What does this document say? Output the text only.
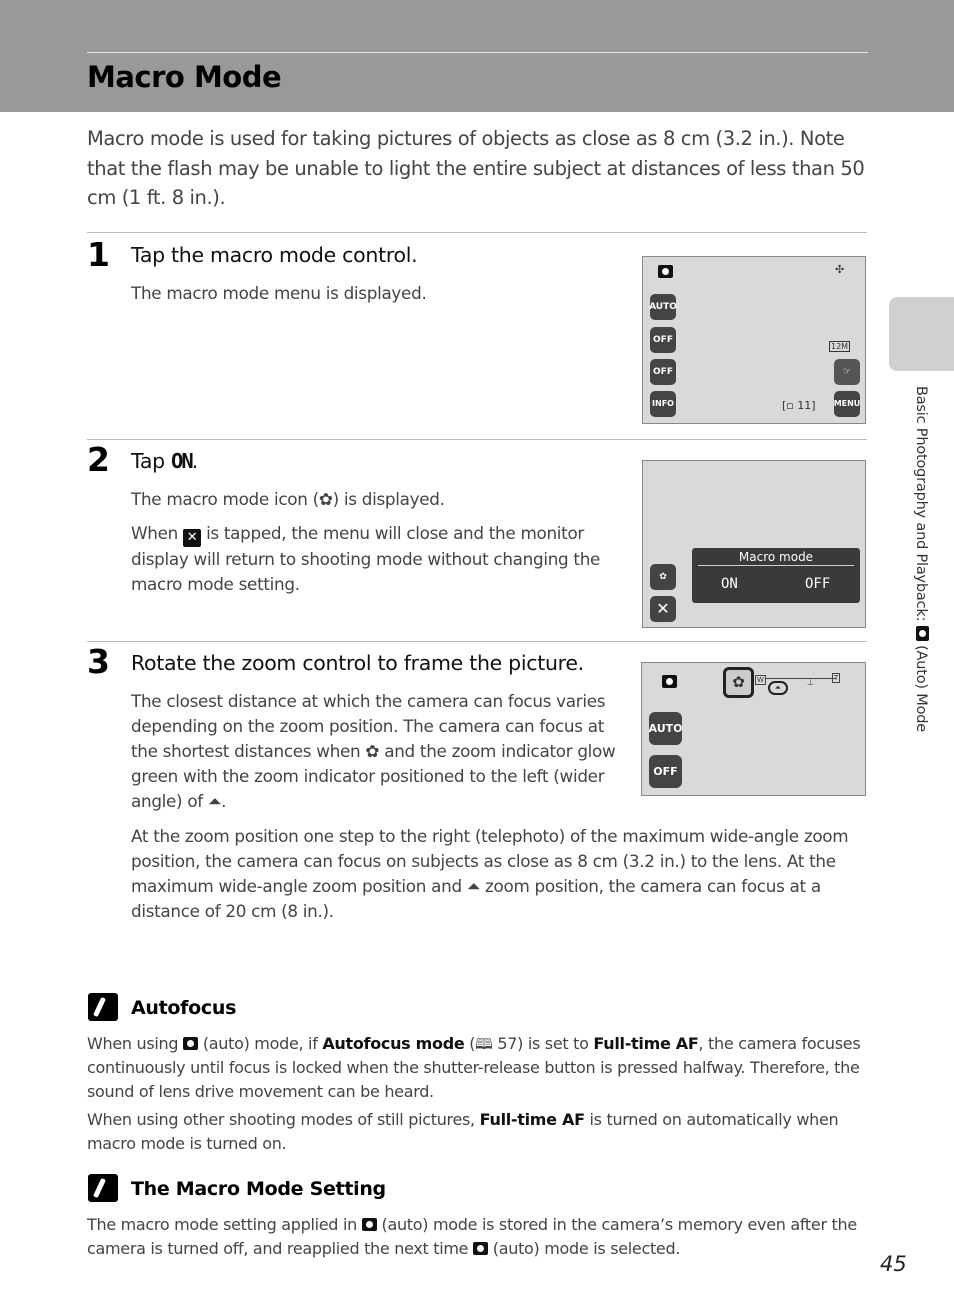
Macro Mode
Macro mode is used for taking pictures of objects as close as 8 cm (3.2 in.). Note that the flash may be unable to light the entire subject at distances of less than 50 cm (1 ft. 8 in.).
Basic Photography and Playback:  (Auto) Mode
1 Tap the macro mode control.

The macro mode menu is displayed.

✣
AUTO
OFF
OFF
INFO
12M
☞
[▫ 11] MENU
2 Tap ON.

The macro mode icon (✿) is displayed.

When ✕ is tapped, the menu will close and the monitor display will return to shooting mode without changing the macro mode setting.

Macro mode
ON	OFF
✿
✕
3 Rotate the zoom control to frame the picture.

The closest distance at which the camera can focus varies depending on the zoom position. The camera can focus at the shortest distances when ✿ and the zoom indicator glow green with the zoom indicator positioned to the left (wider angle) of ⏶.

At the zoom position one step to the right (telephoto) of the maximum wide-angle zoom position, the camera can focus on subjects as close as 8 cm (3.2 in.) to the lens. At the maximum wide-angle zoom position and ⏶ zoom position, the camera can focus at a distance of 20 cm (8 in.).

✿	W
⏶
⊥	T
AUTO
OFF
Autofocus

When using  (auto) mode, if Autofocus mode (🕮 57) is set to Full-time AF, the camera focuses continuously until focus is locked when the shutter-release button is pressed halfway. Therefore, the sound of lens drive movement can be heard.

When using other shooting modes of still pictures, Full-time AF is turned on automatically when macro mode is turned on.

The Macro Mode Setting

The macro mode setting applied in  (auto) mode is stored in the camera’s memory even after the camera is turned off, and reapplied the next time  (auto) mode is selected.

45
